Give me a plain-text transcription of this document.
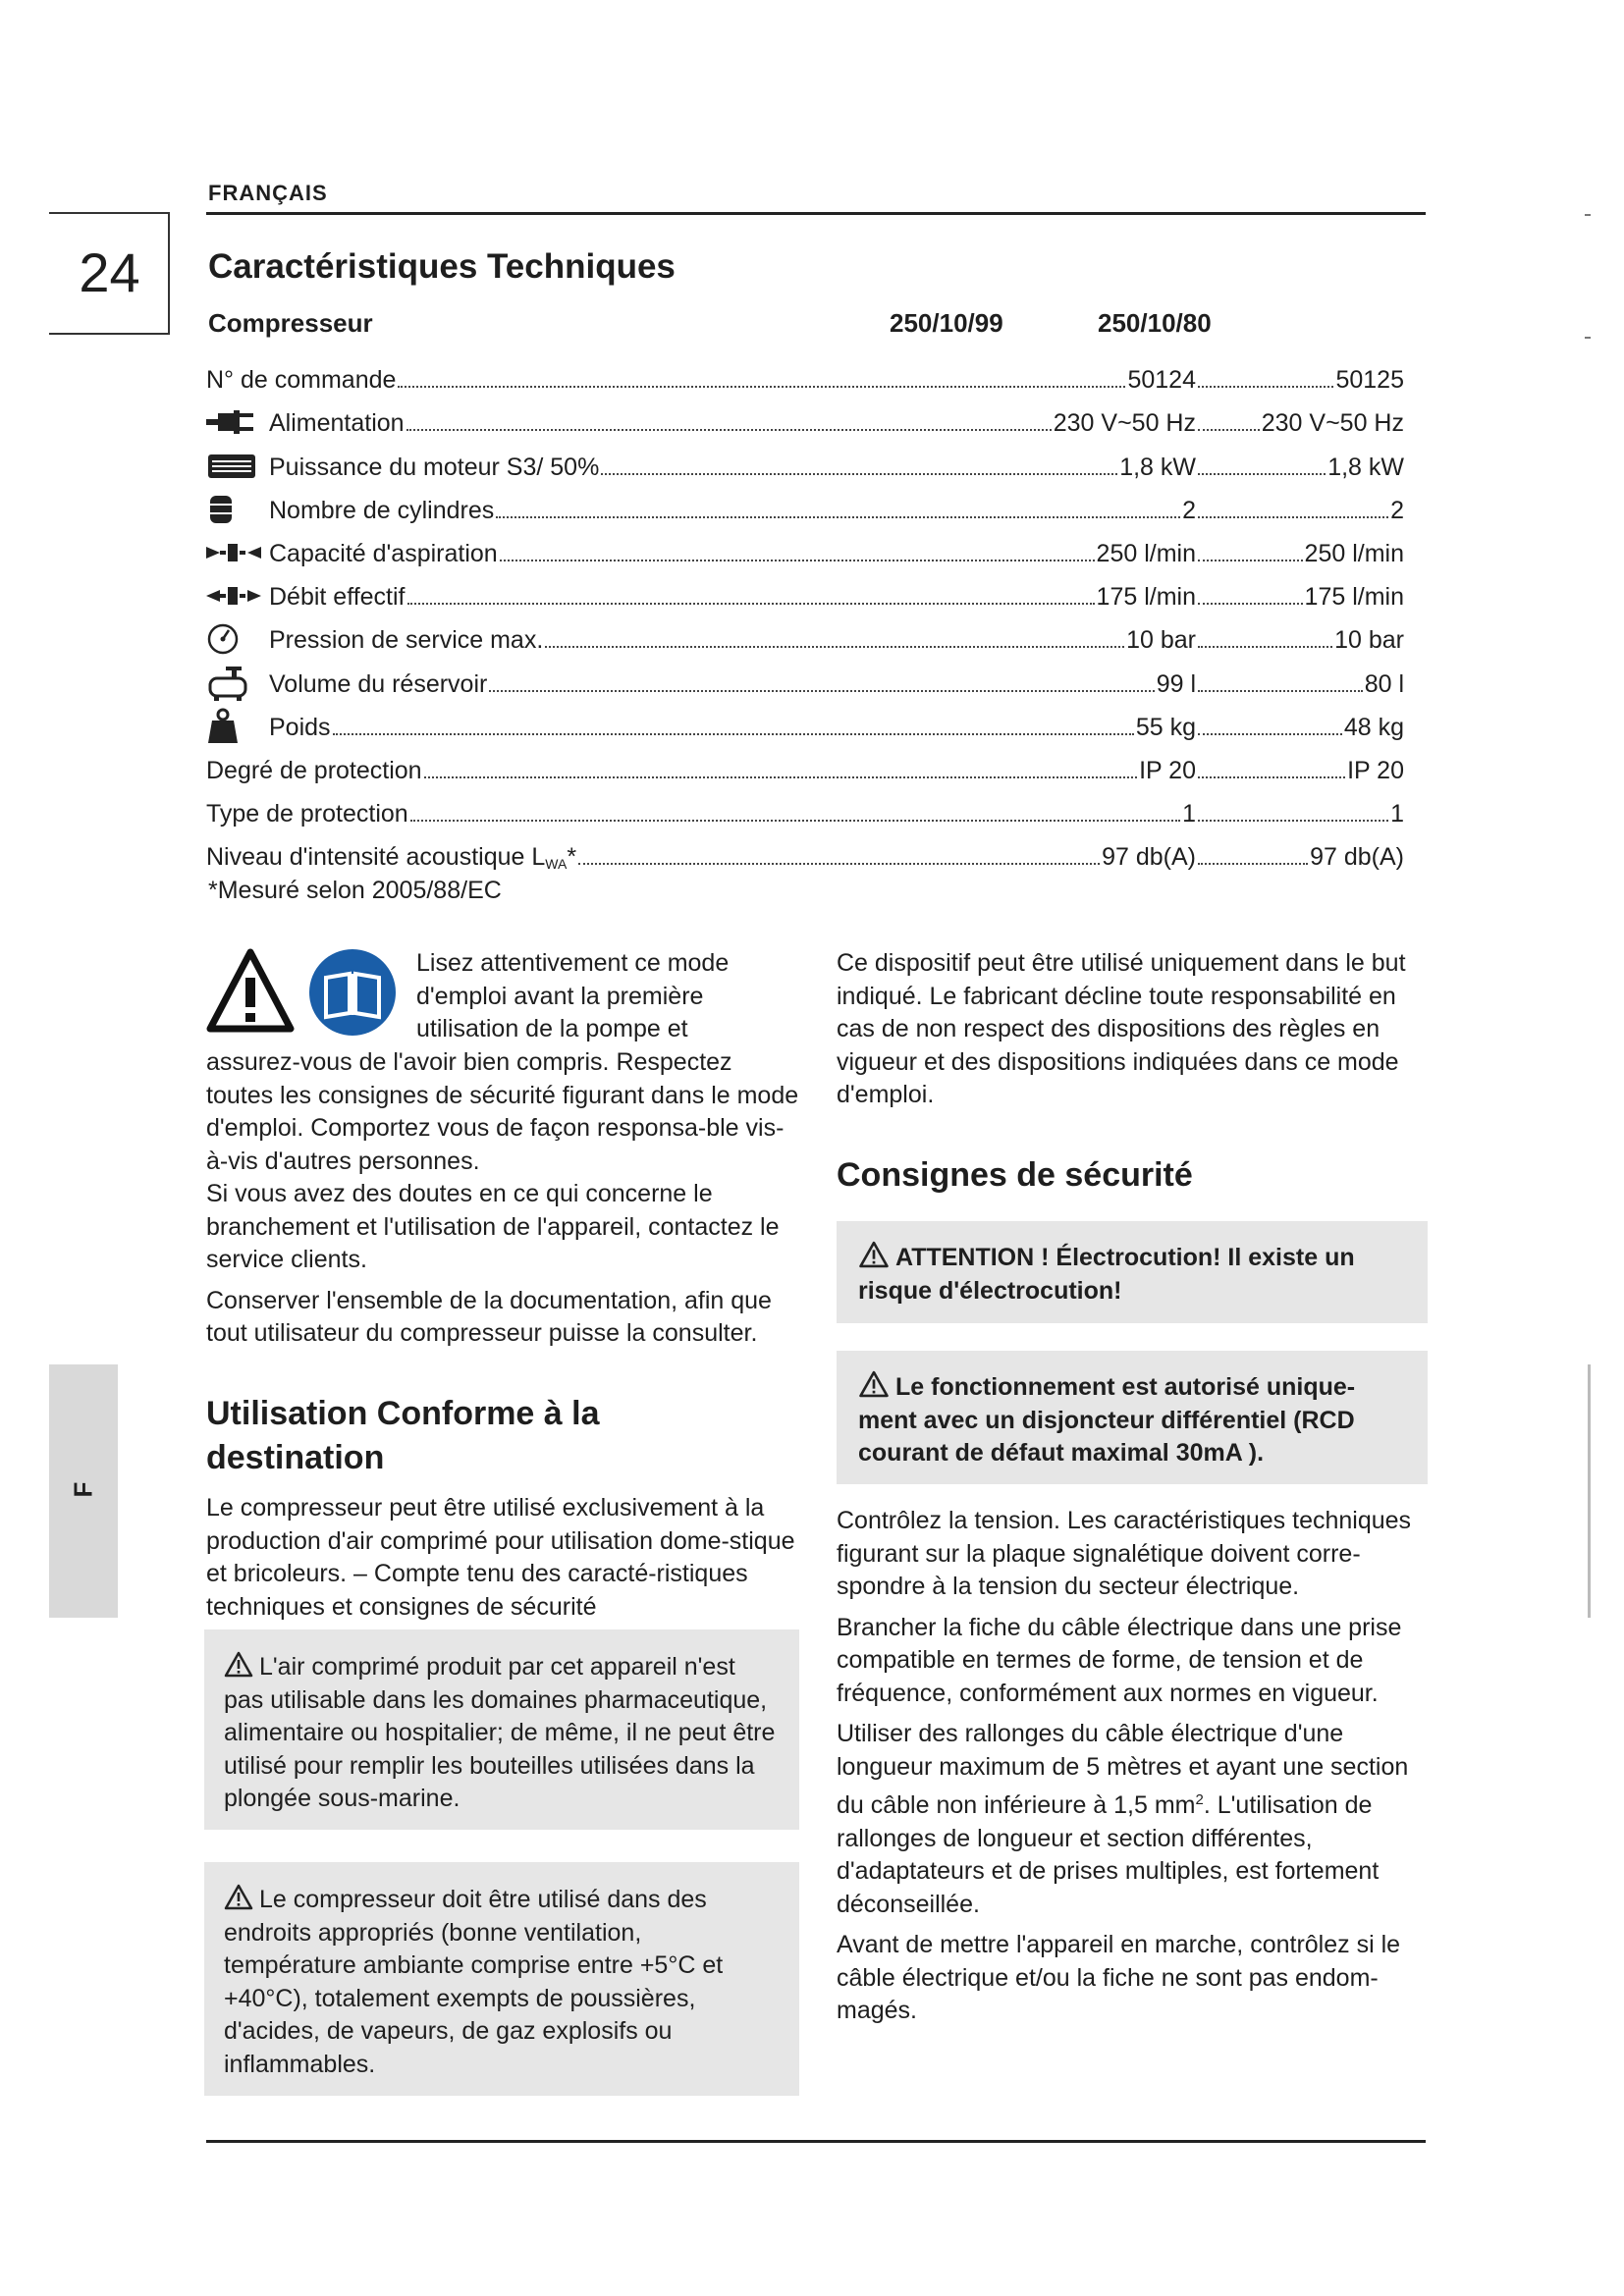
FRANÇAIS
24
F
Caractéristiques Techniques
Compresseur	250/10/99	250/10/80
N° de commande	50124	50125
Alimentation	230 V~50 Hz	230 V~50 Hz
Puissance du moteur S3/ 50%	1,8 kW	1,8 kW
Nombre de cylindres	2	2
Capacité d'aspiration	250 l/min	250 l/min
Débit effectif	175 l/min	175 l/min
Pression de service max.	10 bar	10 bar
Volume du réservoir	99 l	80 l
Poids	55 kg	48 kg
Degré de protection	IP 20	IP 20
Type de protection	1	1
Niveau d'intensité acoustique $L_{WA}$ *	97 db(A)	97 db(A)
*Mesuré selon 2005/88/EC
Lisez attentivement ce mode
d'emploi avant la première
utilisation de la pompe et

assurez-vous de l'avoir bien compris. Respectez toutes les consignes de sécurité figurant dans le mode d'emploi. Comportez vous de façon responsa-ble vis-à-vis d'autres personnes.

Si vous avez des doutes en ce qui concerne le branchement et l'utilisation de l'appareil, contactez le service clients.

Conserver l'ensemble de la documentation, afin que tout utilisateur du compresseur puisse la consulter.

Utilisation Conforme à la destination
Le compresseur peut être utilisé exclusivement à la production d'air comprimé pour utilisation dome-stique et bricoleurs. – Compte tenu des caracté-ristiques techniques et consignes de sécurité
L'air comprimé produit par cet appareil n'est pas utilisable dans les domaines pharmaceutique, alimentaire ou hospitalier; de même, il ne peut être utilisé pour remplir les bouteilles utilisées dans la plongée sous-marine.
Le compresseur doit être utilisé dans des endroits appropriés (bonne ventilation, température ambiante comprise entre +5°C et +40°C), totalement exempts de poussières, d'acides, de vapeurs, de gaz explosifs ou inflammables.
Ce dispositif peut être utilisé uniquement dans le but indiqué. Le fabricant décline toute responsabilité en cas de non respect des dispositions des règles en vigueur et des dispositions indiquées dans ce mode d'emploi.
Consignes de sécurité
ATTENTION ! Électrocution! Il existe un risque d'électrocution!
Le fonctionnement est autorisé unique-ment avec un disjoncteur différentiel (RCD courant de défaut maximal 30mA ).

Contrôlez la tension. Les caractéristiques techniques figurant sur la plaque signalétique doivent corre-spondre à la tension du secteur électrique.

Brancher la fiche du câble électrique dans une prise compatible en termes de forme, de tension et de fréquence, conformément aux normes en vigueur.

Utiliser des rallonges du câble électrique d'une longueur maximum de 5 mètres et ayant une section du câble non inférieure à 1,5 $mm^2$. L'utilisation de rallonges de longueur et section différentes, d'adaptateurs et de prises multiples, est fortement déconseillée.

Avant de mettre l'appareil en marche, contrôlez si le câble électrique et/ou la fiche ne sont pas endom-magés.
